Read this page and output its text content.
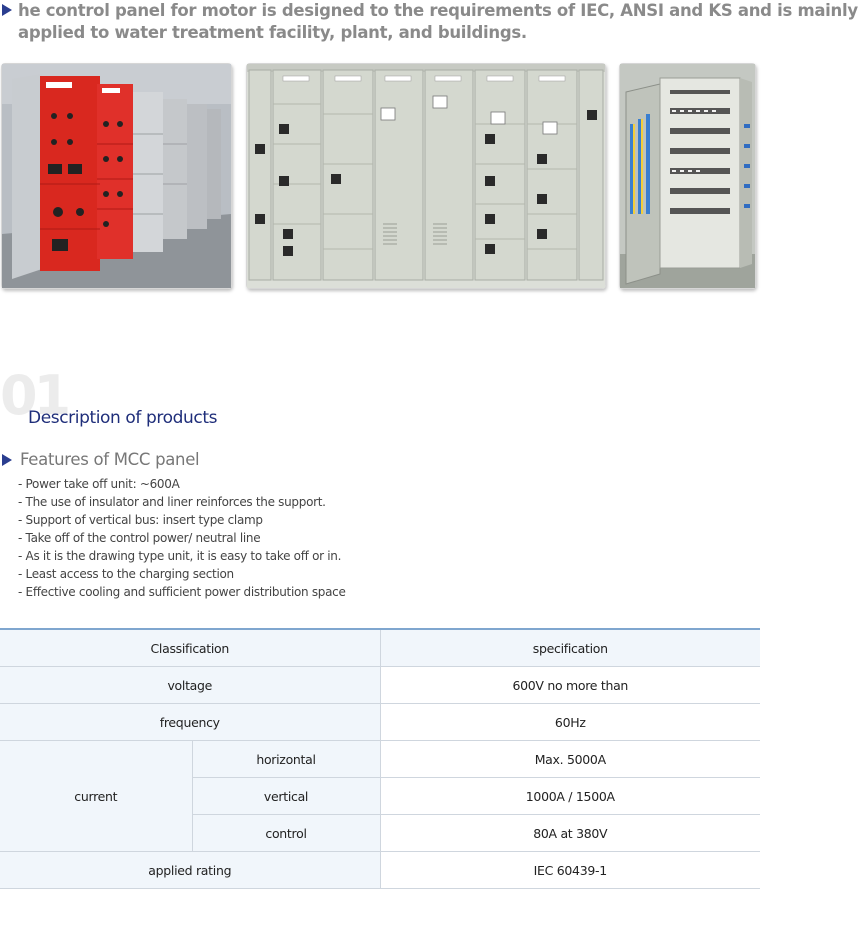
he control panel for motor is designed to the requirements of IEC, ANSI and KS and is mainly
applied to water treatment facility, plant, and buildings.
01
Description of products
Features of MCC panel
- Power take off unit: ~600A
- The use of insulator and liner reinforces the support.
- Support of vertical bus: insert type clamp
- Take off of the control power/ neutral line
- As it is the drawing type unit, it is easy to take off or in.
- Least access to the charging section
- Effective cooling and sufficient power distribution space
Classification		specification
voltage		600V no more than
frequency		60Hz
current	horizontal	Max. 5000A
	vertical	1000A / 1500A
	control	80A at 380V
applied rating		IEC 60439-1
